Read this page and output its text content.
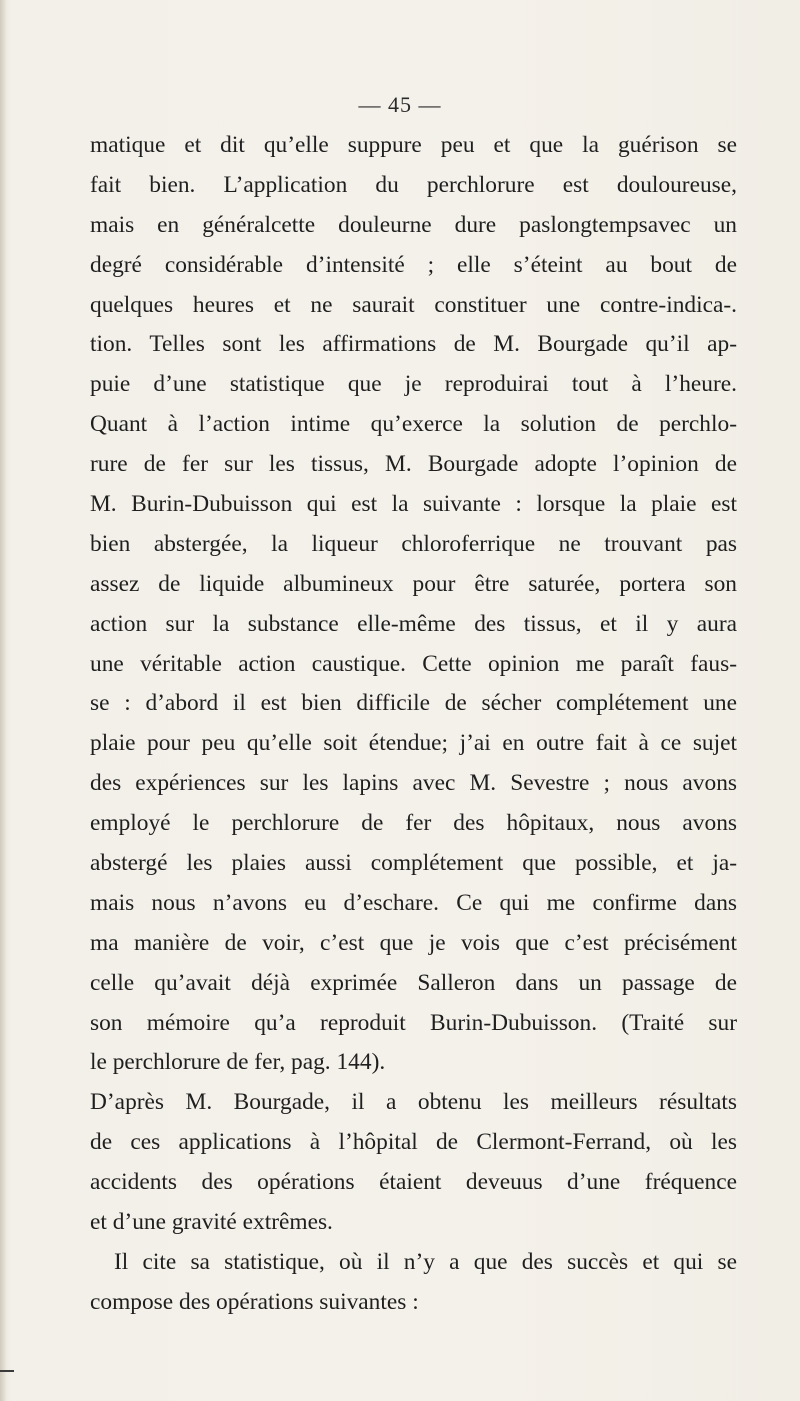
— 45 —
matique et dit qu’elle suppure peu et que la guérison se
fait bien. L’application du perchlorure est douloureuse,
mais en généralcette douleurne dure paslongtempsavec un
degré considérable d’intensité ; elle s’éteint au bout de
quelques heures et ne saurait constituer une contre-indica-.
tion. Telles sont les affirmations de M. Bourgade qu’il ap-
puie d’une statistique que je reproduirai tout à l’heure.
Quant à l’action intime qu’exerce la solution de perchlo-
rure de fer sur les tissus, M. Bourgade adopte l’opinion de
M. Burin-Dubuisson qui est la suivante : lorsque la plaie est
bien abstergée, la liqueur chloroferrique ne trouvant pas
assez de liquide albumineux pour être saturée, portera son
action sur la substance elle-même des tissus, et il y aura
une véritable action caustique. Cette opinion me paraît faus-
se : d’abord il est bien difficile de sécher complétement une
plaie pour peu qu’elle soit étendue; j’ai en outre fait à ce sujet
des expériences sur les lapins avec M. Sevestre ; nous avons
employé le perchlorure de fer des hôpitaux, nous avons
abstergé les plaies aussi complétement que possible, et ja-
mais nous n’avons eu d’eschare. Ce qui me confirme dans
ma manière de voir, c’est que je vois que c’est précisément
celle qu’avait déjà exprimée Salleron dans un passage de
son mémoire qu’a reproduit Burin-Dubuisson. (Traité sur
le perchlorure de fer, pag. 144).
D’après M. Bourgade, il a obtenu les meilleurs résultats
de ces applications à l’hôpital de Clermont-Ferrand, où les
accidents des opérations étaient deveuus d’une fréquence
et d’une gravité extrêmes.
Il cite sa statistique, où il n’y a que des succès et qui se
compose des opérations suivantes :
